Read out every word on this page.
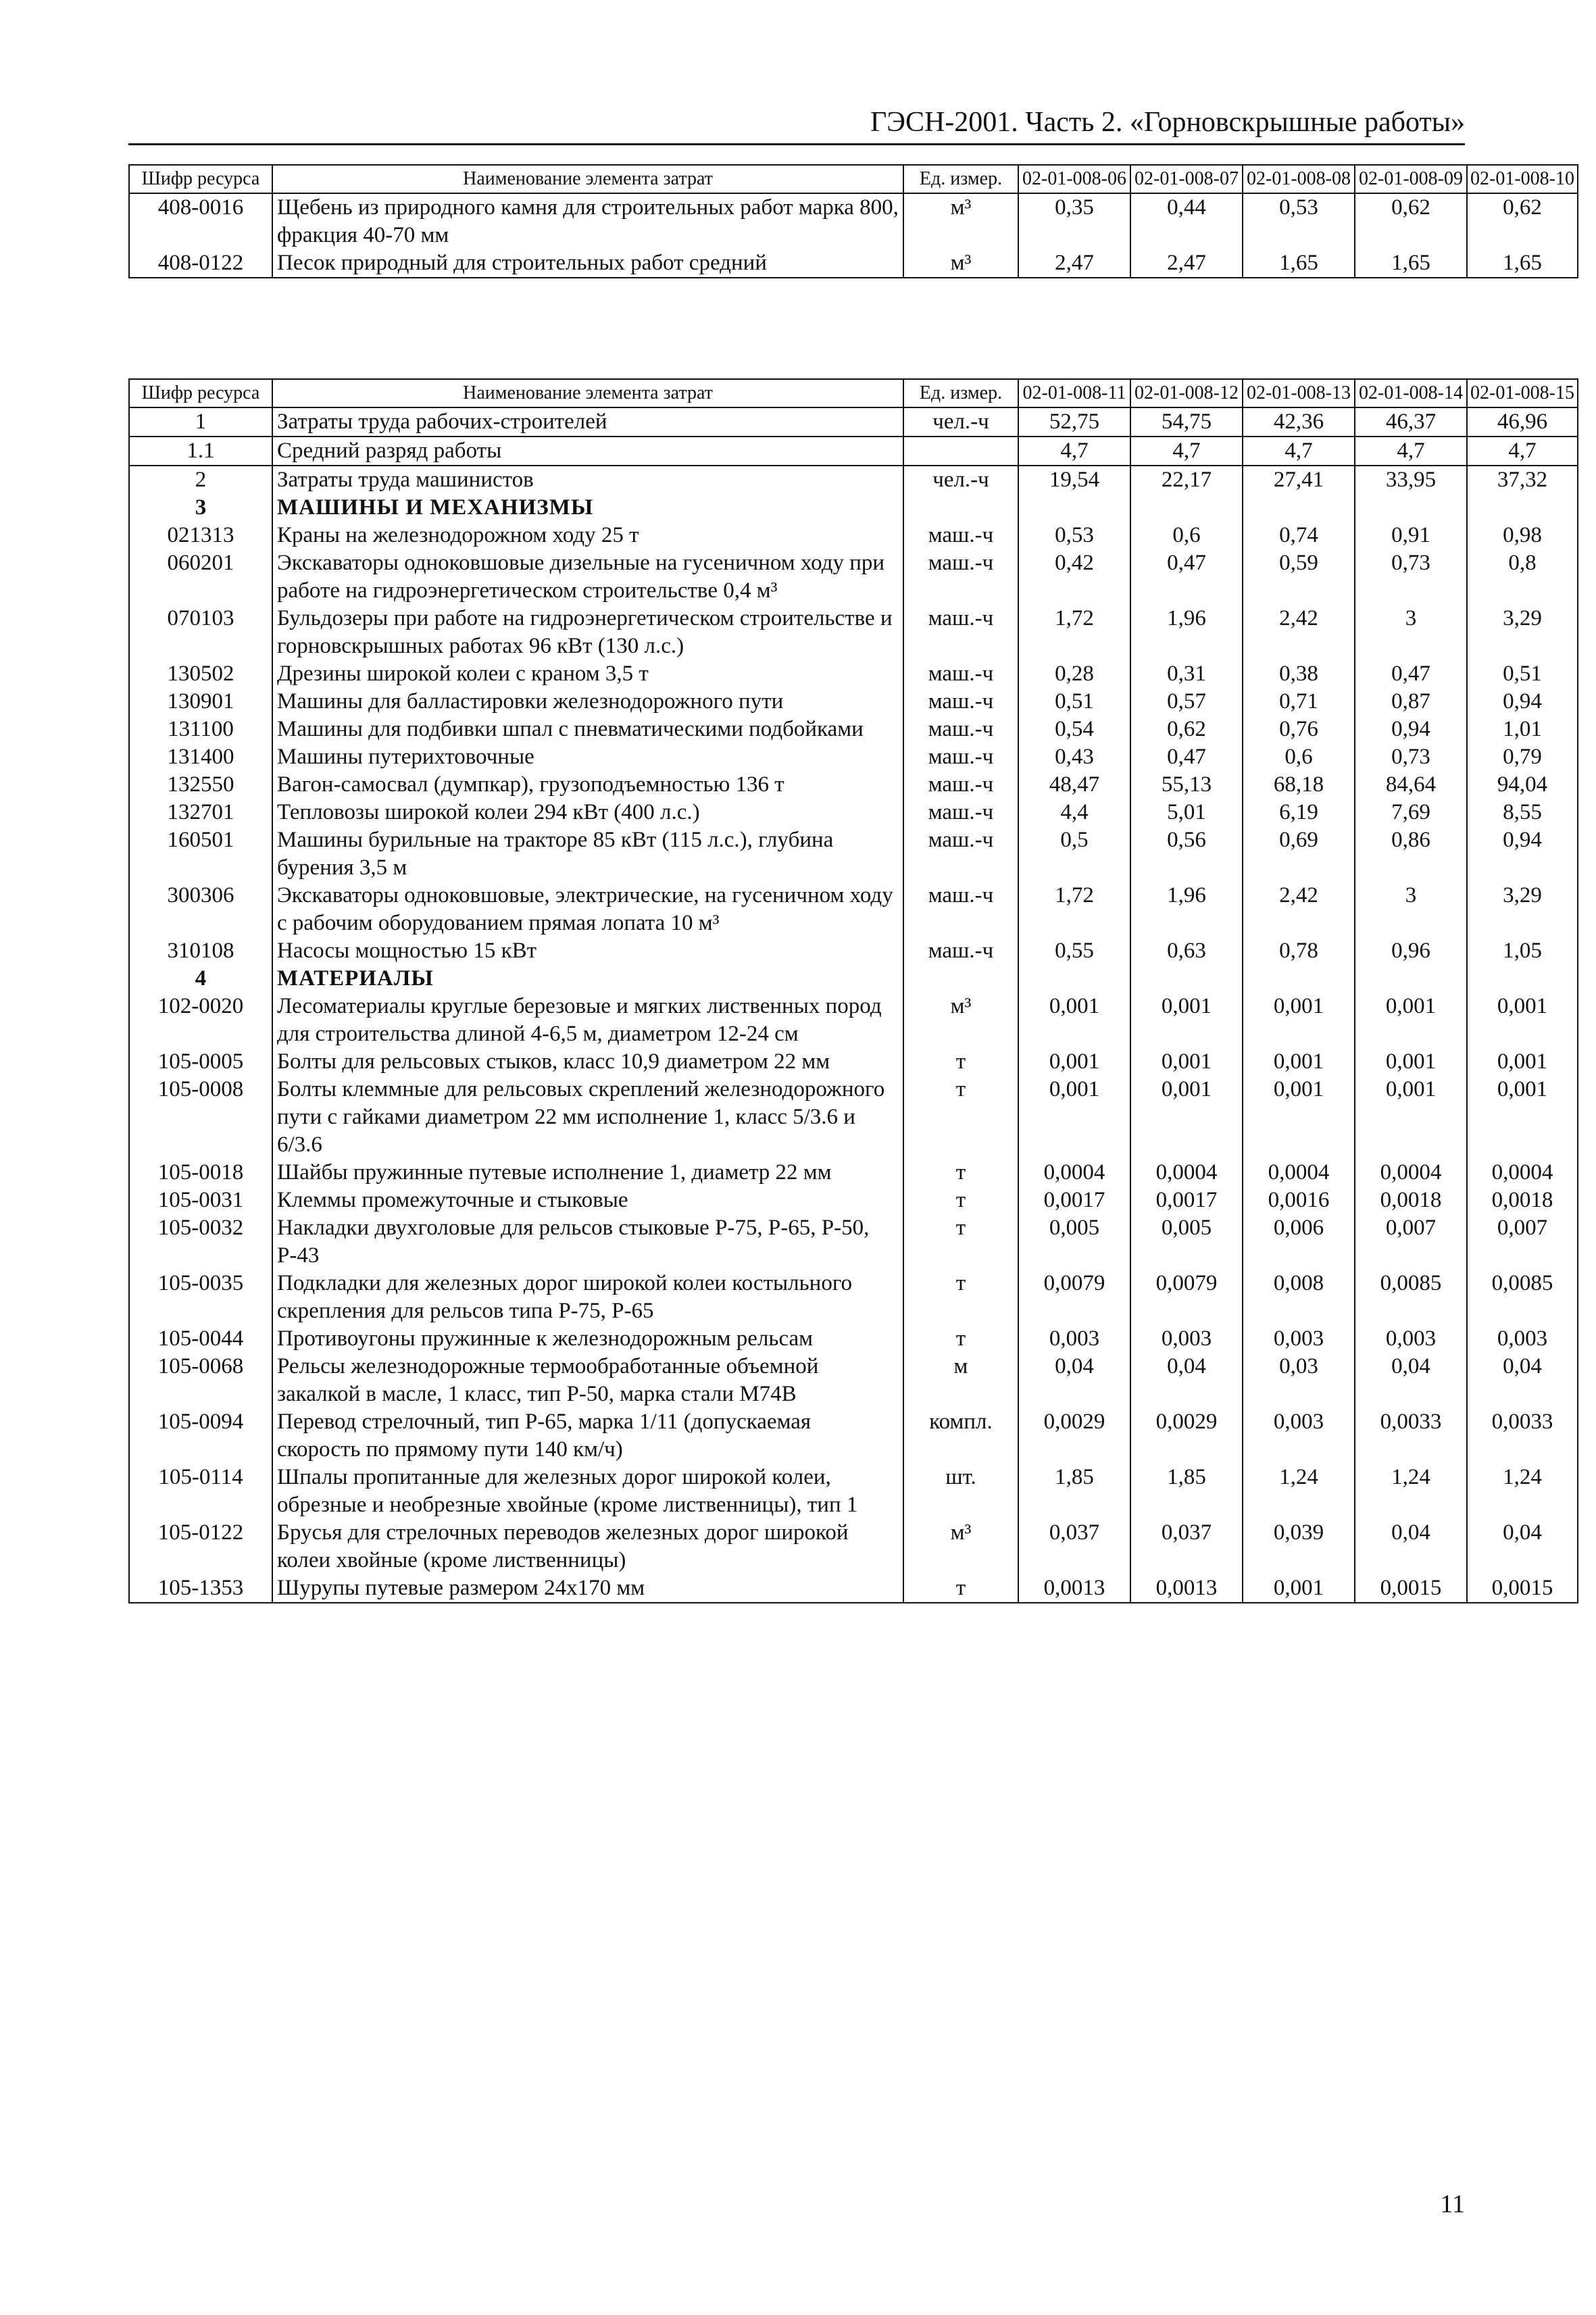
ГЭСН-2001. Часть 2. «Горновскрышные работы»
Шифр ресурса	Наименование элемента затрат	Ед. измер.	02-01-008-06	02-01-008-07	02-01-008-08	02-01-008-09	02-01-008-10
408-0016	Щебень из природного камня для строительных работ марка 800, фракция 40-70 мм	м³	0,35	0,44	0,53	0,62	0,62
408-0122	Песок природный для строительных работ средний	м³	2,47	2,47	1,65	1,65	1,65
Шифр ресурса	Наименование элемента затрат	Ед. измер.	02-01-008-11	02-01-008-12	02-01-008-13	02-01-008-14	02-01-008-15
1	Затраты труда рабочих-строителей	чел.-ч	52,75	54,75	42,36	46,37	46,96
1.1	Средний разряд работы		4,7	4,7	4,7	4,7	4,7
2	Затраты труда машинистов	чел.-ч	19,54	22,17	27,41	33,95	37,32
3	МАШИНЫ И МЕХАНИЗМЫ						
021313	Краны на железнодорожном ходу 25 т	маш.-ч	0,53	0,6	0,74	0,91	0,98
060201	Экскаваторы одноковшовые дизельные на гусеничном ходу при работе на гидроэнергетическом строительстве 0,4 м³	маш.-ч	0,42	0,47	0,59	0,73	0,8
070103	Бульдозеры при работе на гидроэнергетическом строительстве и горновскрышных работах 96 кВт (130 л.с.)	маш.-ч	1,72	1,96	2,42	3	3,29
130502	Дрезины широкой колеи с краном 3,5 т	маш.-ч	0,28	0,31	0,38	0,47	0,51
130901	Машины для балластировки железнодорожного пути	маш.-ч	0,51	0,57	0,71	0,87	0,94
131100	Машины для подбивки шпал с пневматическими подбойками	маш.-ч	0,54	0,62	0,76	0,94	1,01
131400	Машины путерихтовочные	маш.-ч	0,43	0,47	0,6	0,73	0,79
132550	Вагон-самосвал (думпкар), грузоподъемностью 136 т	маш.-ч	48,47	55,13	68,18	84,64	94,04
132701	Тепловозы широкой колеи 294 кВт (400 л.с.)	маш.-ч	4,4	5,01	6,19	7,69	8,55
160501	Машины бурильные на тракторе 85 кВт (115 л.с.), глубина бурения 3,5 м	маш.-ч	0,5	0,56	0,69	0,86	0,94
300306	Экскаваторы одноковшовые, электрические, на гусеничном ходу с рабочим оборудованием прямая лопата 10 м³	маш.-ч	1,72	1,96	2,42	3	3,29
310108	Насосы мощностью 15 кВт	маш.-ч	0,55	0,63	0,78	0,96	1,05
4	МАТЕРИАЛЫ						
102-0020	Лесоматериалы круглые березовые и мягких лиственных пород для строительства длиной 4-6,5 м, диаметром 12-24 см	м³	0,001	0,001	0,001	0,001	0,001
105-0005	Болты для рельсовых стыков, класс 10,9 диаметром 22 мм	т	0,001	0,001	0,001	0,001	0,001
105-0008	Болты клеммные для рельсовых скреплений железнодорожного пути с гайками диаметром 22 мм исполнение 1, класс 5/3.6 и 6/3.6	т	0,001	0,001	0,001	0,001	0,001
105-0018	Шайбы пружинные путевые исполнение 1, диаметр 22 мм	т	0,0004	0,0004	0,0004	0,0004	0,0004
105-0031	Клеммы промежуточные и стыковые	т	0,0017	0,0017	0,0016	0,0018	0,0018
105-0032	Накладки двухголовые для рельсов стыковые Р-75, Р-65, Р-50, Р-43	т	0,005	0,005	0,006	0,007	0,007
105-0035	Подкладки для железных дорог широкой колеи костыльного скрепления для рельсов типа Р-75, Р-65	т	0,0079	0,0079	0,008	0,0085	0,0085
105-0044	Противоугоны пружинные к железнодорожным рельсам	т	0,003	0,003	0,003	0,003	0,003
105-0068	Рельсы железнодорожные термообработанные объемной закалкой в масле, 1 класс, тип Р-50, марка стали М74В	м	0,04	0,04	0,03	0,04	0,04
105-0094	Перевод стрелочный, тип Р-65, марка 1/11 (допускаемая скорость по прямому пути 140 км/ч)	компл.	0,0029	0,0029	0,003	0,0033	0,0033
105-0114	Шпалы пропитанные для железных дорог широкой колеи, обрезные и необрезные хвойные (кроме лиственницы), тип 1	шт.	1,85	1,85	1,24	1,24	1,24
105-0122	Брусья для стрелочных переводов железных дорог широкой колеи хвойные (кроме лиственницы)	м³	0,037	0,037	0,039	0,04	0,04
105-1353	Шурупы путевые размером 24х170 мм	т	0,0013	0,0013	0,001	0,0015	0,0015
11
